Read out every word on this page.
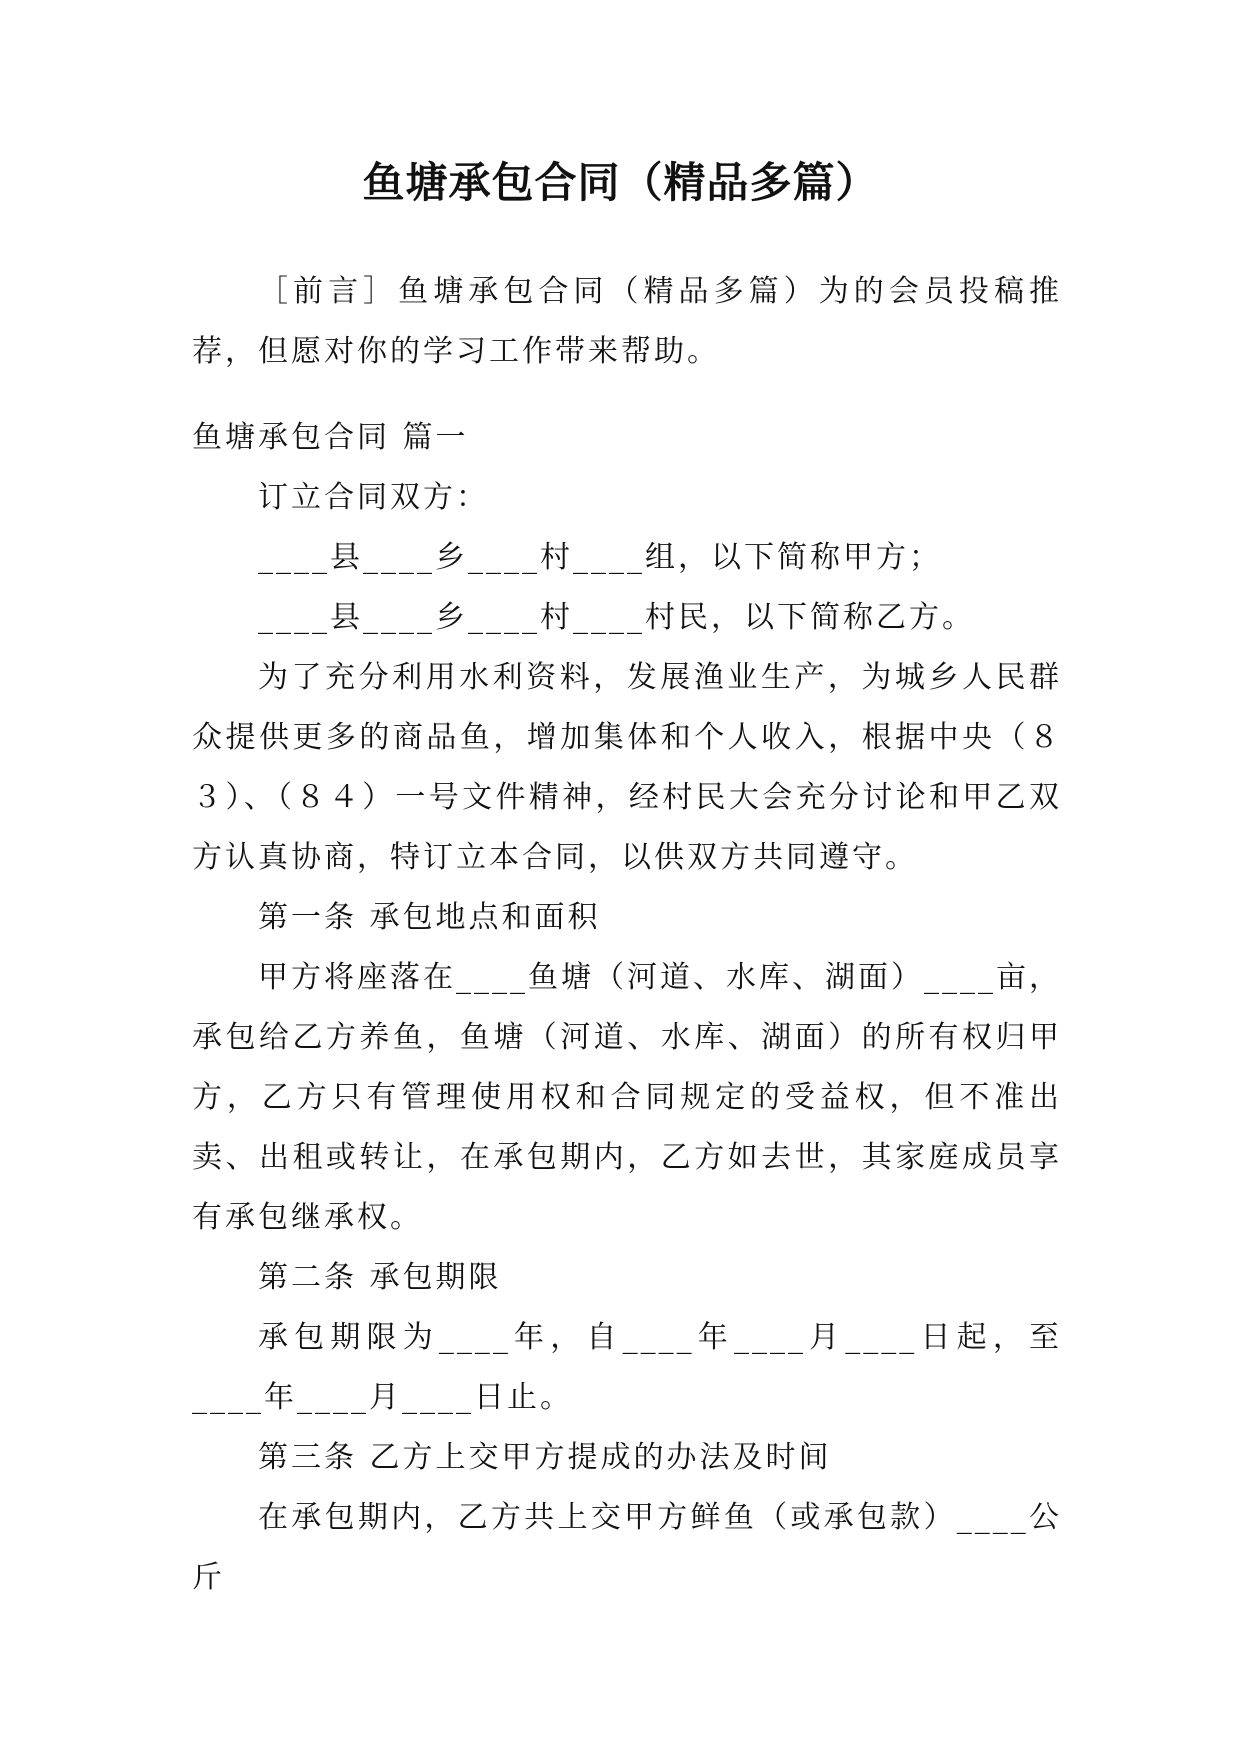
鱼塘承包合同（精品多篇）

［前言］鱼塘承包合同（精品多篇）为的会员投稿推荐，但愿对你的学习工作带来帮助。

鱼塘承包合同 篇一

订立合同双方：

____县____乡____村____组，以下简称甲方；

____县____乡____村____村民，以下简称乙方。

为了充分利用水利资料，发展渔业生产，为城乡人民群众提供更多的商品鱼，增加集体和个人收入，根据中央（８３）、（８４）一号文件精神，经村民大会充分讨论和甲乙双方认真协商，特订立本合同，以供双方共同遵守。

第一条 承包地点和面积

甲方将座落在____鱼塘（河道、水库、湖面）____亩，承包给乙方养鱼，鱼塘（河道、水库、湖面）的所有权归甲方，乙方只有管理使用权和合同规定的受益权，但不准出卖、出租或转让，在承包期内，乙方如去世，其家庭成员享有承包继承权。

第二条 承包期限

承包期限为____年，自____年____月____日起，至____年____月____日止。

第三条 乙方上交甲方提成的办法及时间

在承包期内，乙方共上交甲方鲜鱼（或承包款）____公斤
